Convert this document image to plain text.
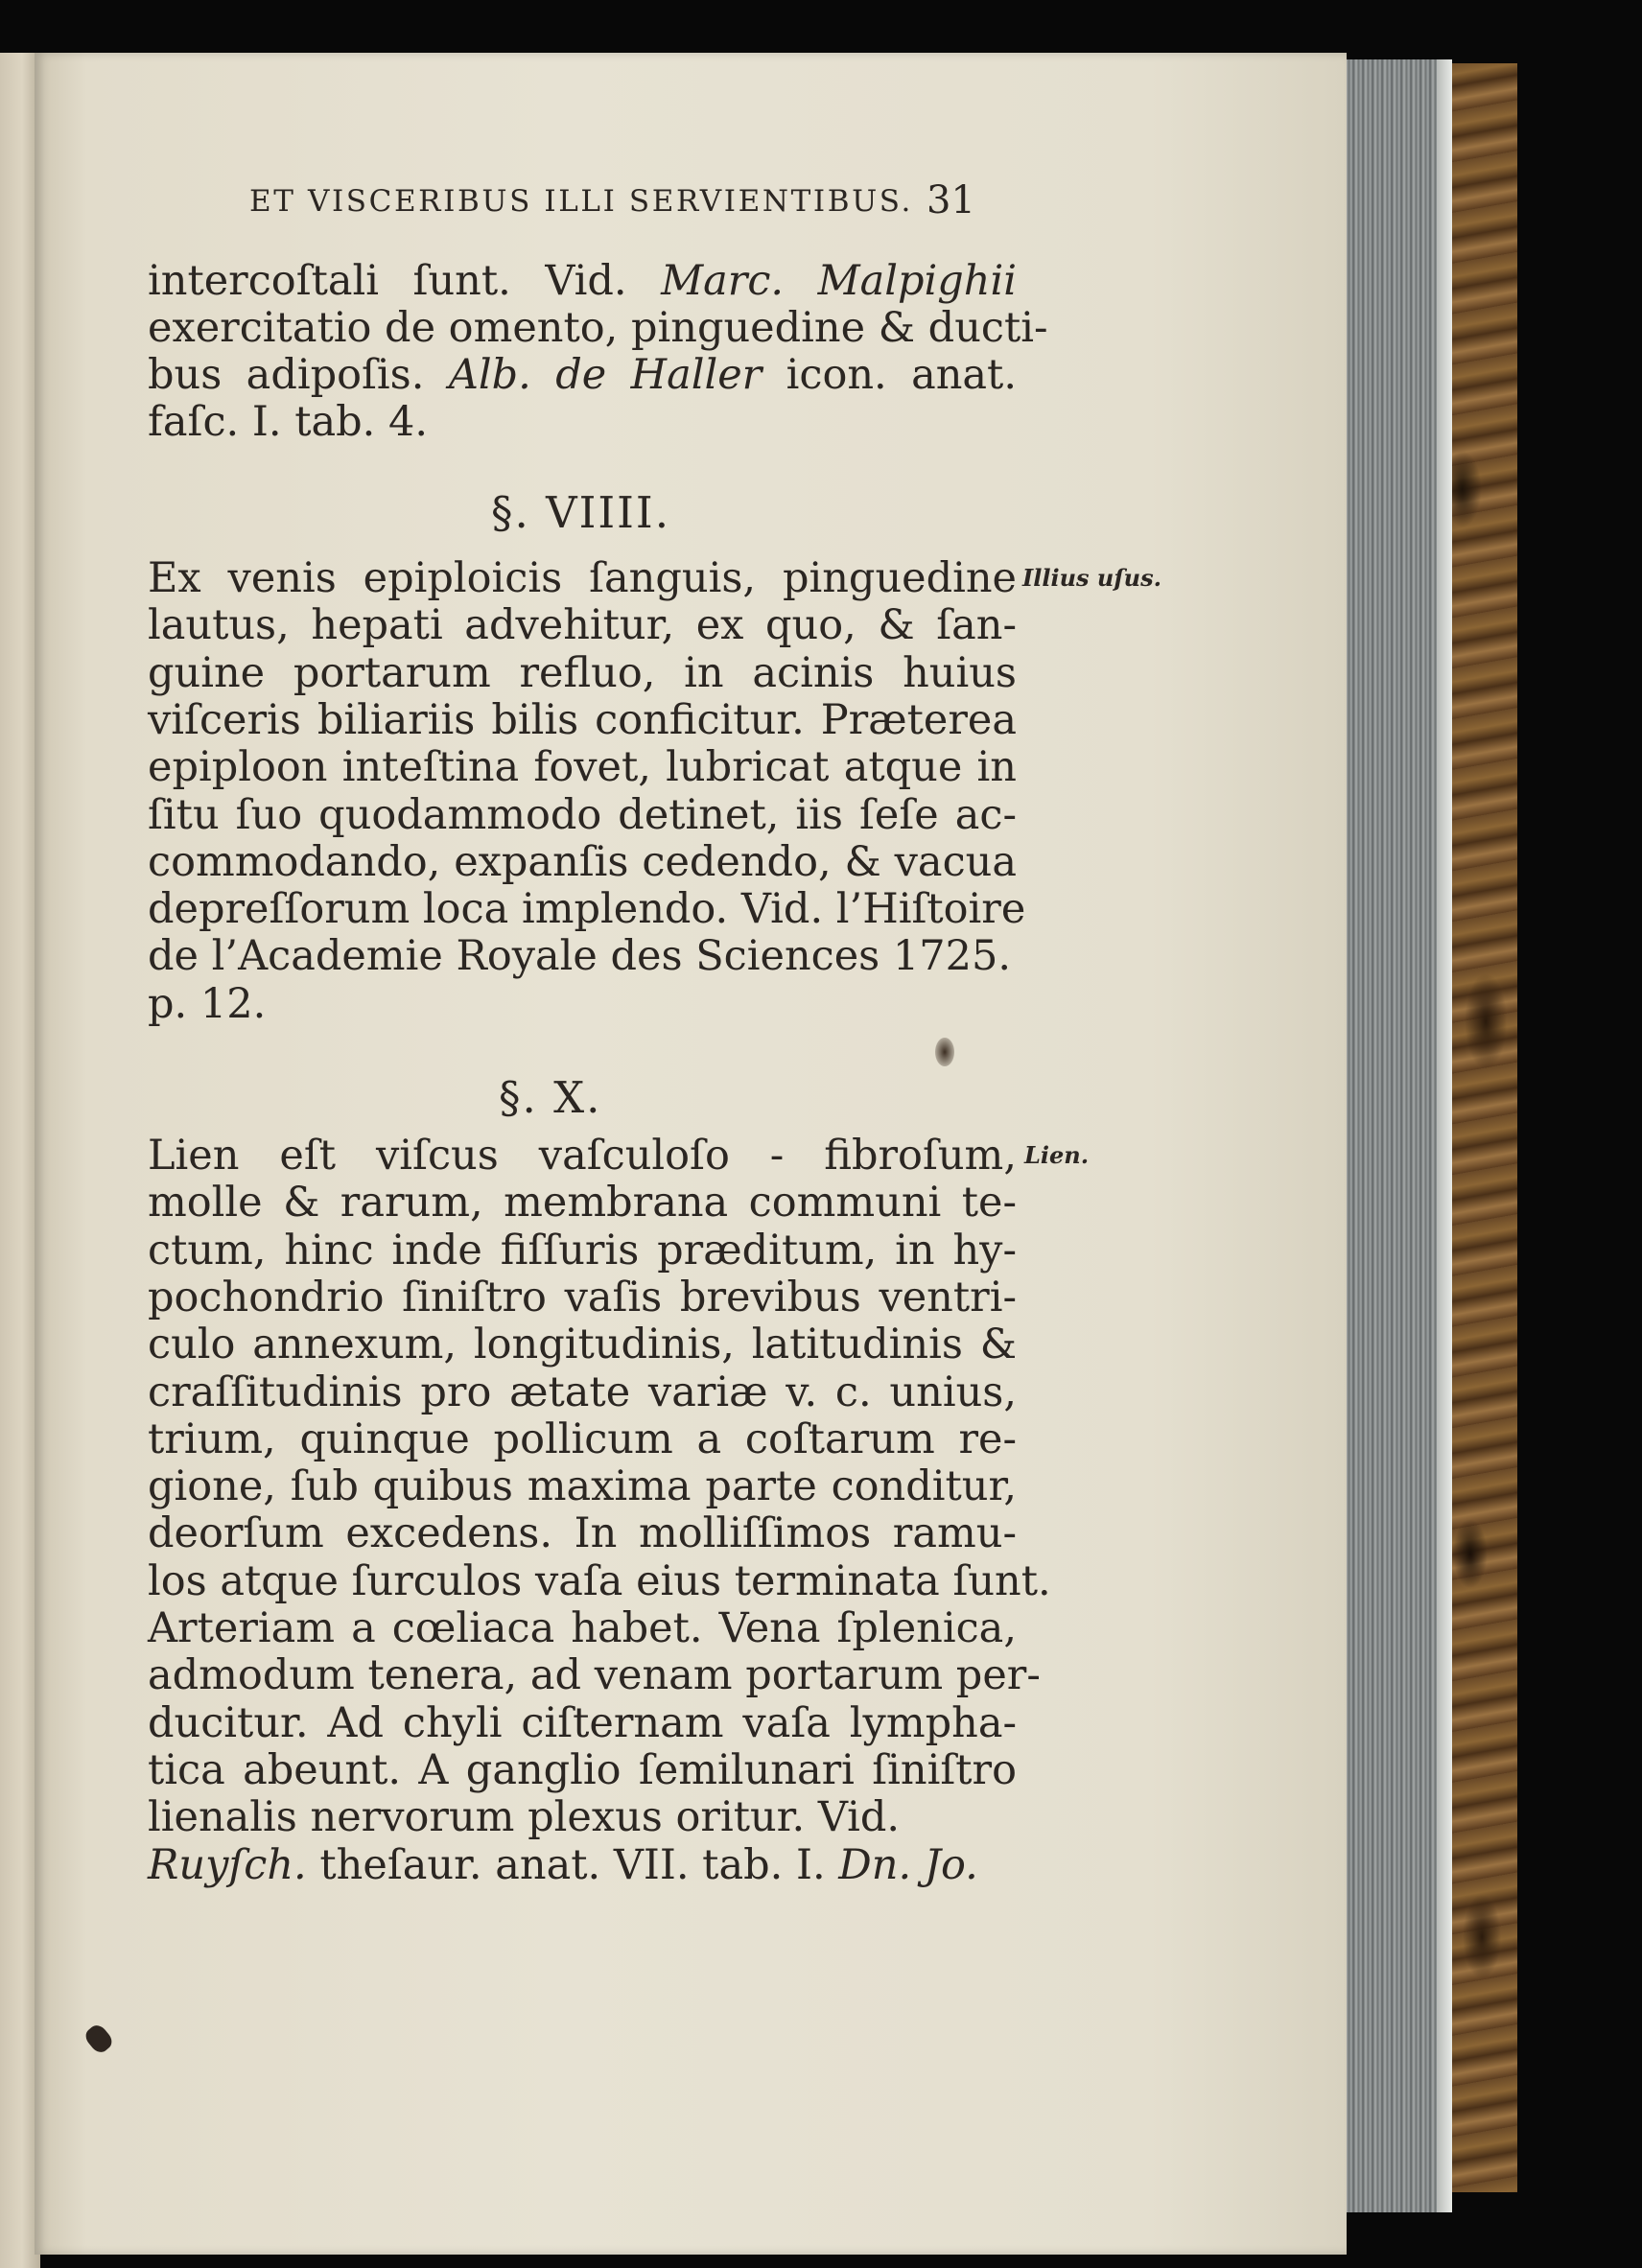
ET VISCERIBUS ILLI SERVIENTIBUS. 31
intercoſtali ſunt. Vid. Marc. Malpighii
exercitatio de omento, pinguedine & ducti-
bus adipoſis. Alb. de Haller icon. anat.
faſc. I. tab. 4.
§. VIIII.
Illius uſus.
Ex venis epiploicis ſanguis, pinguedine
lautus, hepati advehitur, ex quo, & ſan-
guine portarum refluo, in acinis huius
viſceris biliariis bilis conficitur. Præterea
epiploon inteſtina fovet, lubricat atque in
ſitu ſuo quodammodo detinet, iis ſeſe ac-
commodando, expanſis cedendo, & vacua
depreſſorum loca implendo. Vid. l’Hiſtoire
de l’Academie Royale des Sciences 1725.
p. 12.
§. X.
Lien.
Lien eſt viſcus vaſculoſo - fibroſum,
molle & rarum, membrana communi te-
ctum, hinc inde fiſſuris præditum, in hy-
pochondrio ſiniſtro vaſis brevibus ventri-
culo annexum, longitudinis, latitudinis &
craſſitudinis pro ætate variæ v. c. unius,
trium, quinque pollicum a coſtarum re-
gione, ſub quibus maxima parte conditur,
deorſum excedens. In molliſſimos ramu-
los atque ſurculos vaſa eius terminata ſunt.
Arteriam a cœliaca habet. Vena ſplenica,
admodum tenera, ad venam portarum per-
ducitur. Ad chyli ciſternam vaſa lympha-
tica abeunt. A ganglio ſemilunari ſiniſtro
lienalis nervorum plexus oritur. Vid.
Ruyſch. theſaur. anat. VII. tab. I. Dn. Jo.
